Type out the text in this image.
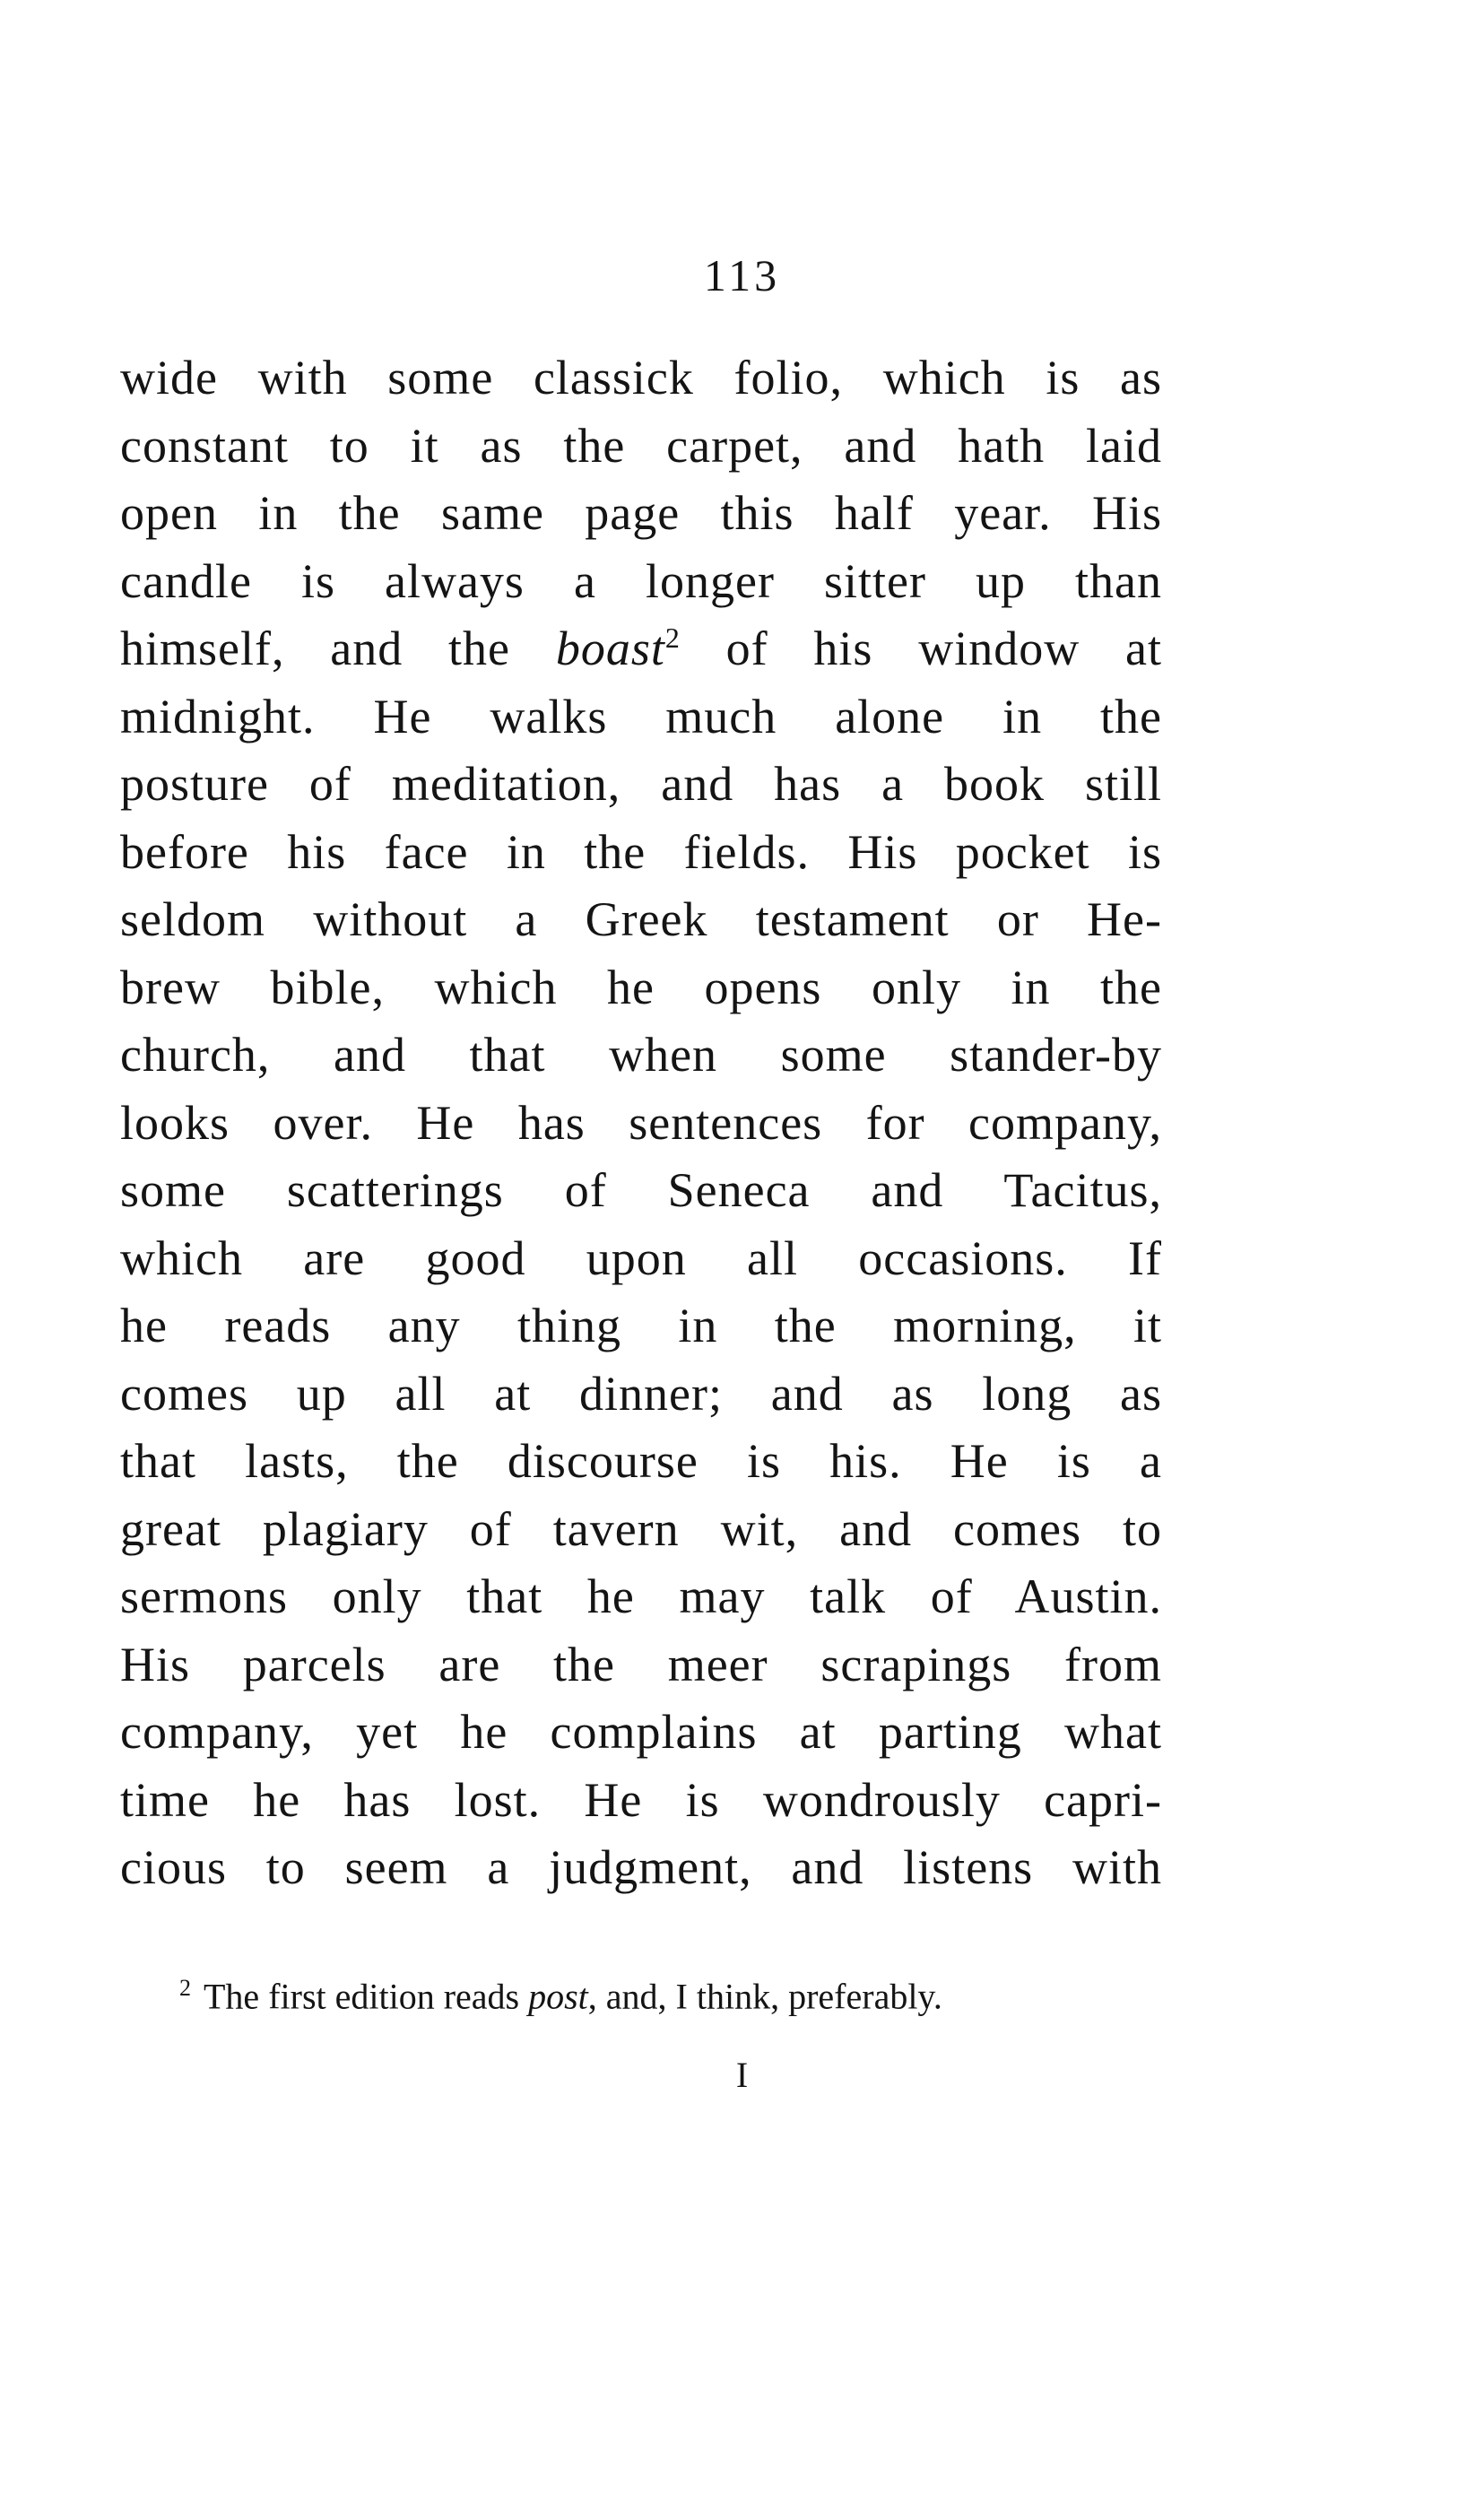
113
wide with some classick folio, which is as
constant to it as the carpet, and hath laid
open in the same page this half year. His
candle is always a longer sitter up than
himself, and the boast$^2$ of his window at
midnight. He walks much alone in the
posture of meditation, and has a book still
before his face in the fields. His pocket is
seldom without a Greek testament or He-
brew bible, which he opens only in the
church, and that when some stander-by
looks over. He has sentences for company,
some scatterings of Seneca and Tacitus,
which are good upon all occasions. If
he reads any thing in the morning, it
comes up all at dinner; and as long as
that lasts, the discourse is his. He is a
great plagiary of tavern wit, and comes to
sermons only that he may talk of Austin.
His parcels are the meer scrapings from
company, yet he complains at parting what
time he has lost. He is wondrously capri-
cious to seem a judgment, and listens with
$^2$ The first edition reads post, and, I think, preferably.
I
